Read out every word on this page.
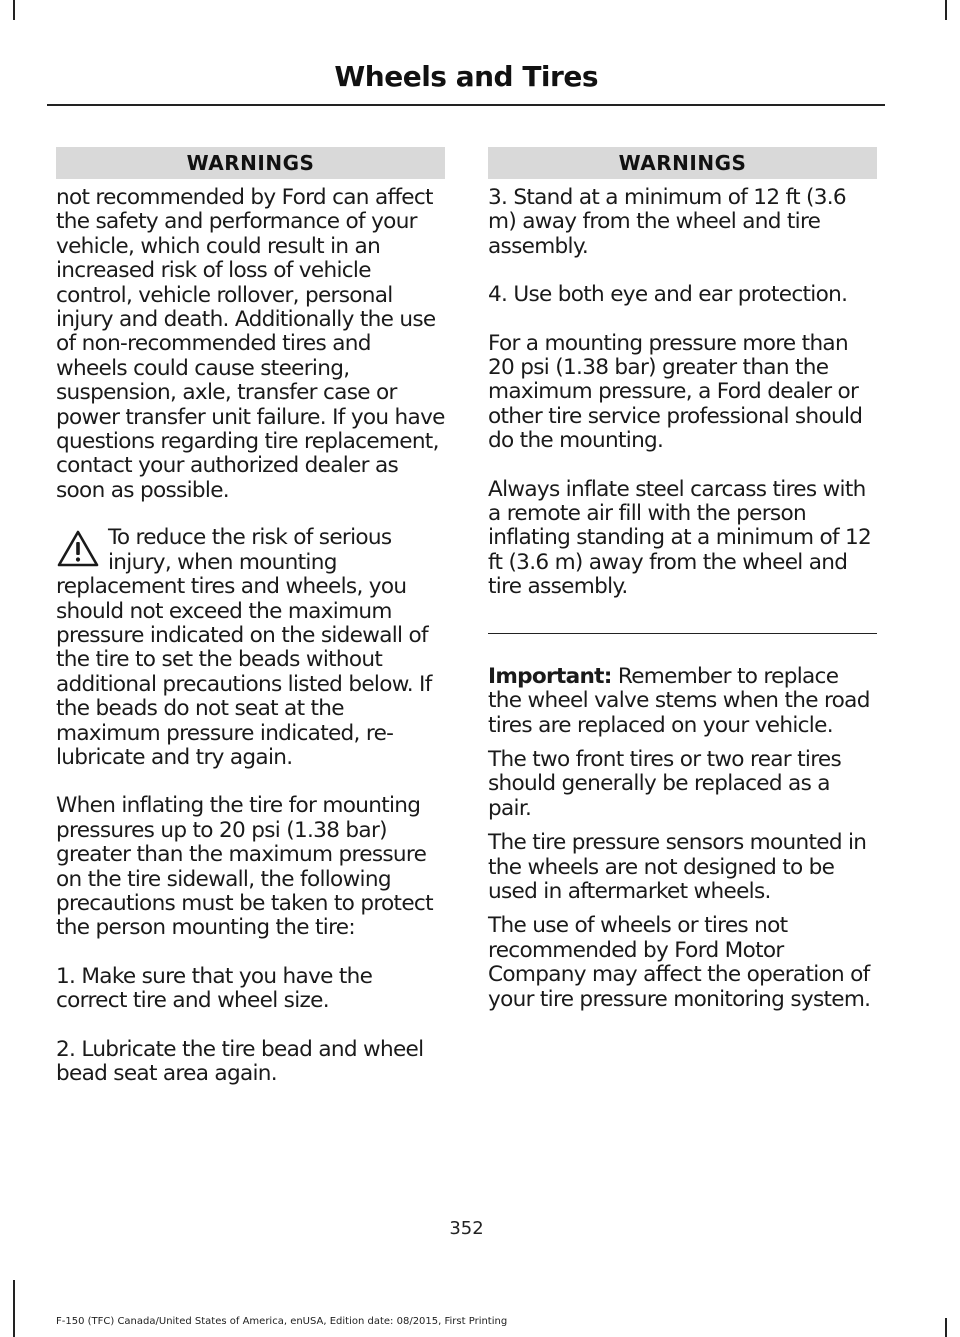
Wheels and Tires
WARNINGS

not recommended by Ford can affect the safety and performance of your vehicle, which could result in an increased risk of loss of vehicle control, vehicle rollover, personal injury and death. Additionally the use of non-recommended tires and wheels could cause steering, suspension, axle, transfer case or power transfer unit failure. If you have questions regarding tire replacement, contact your authorized dealer as soon as possible.

To reduce the risk of serious injury, when mounting replacement tires and wheels, you should not exceed the maximum pressure indicated on the sidewall of the tire to set the beads without additional precautions listed below. If the beads do not seat at the maximum pressure indicated, re-lubricate and try again.

When inflating the tire for mounting pressures up to 20 psi (1.38 bar) greater than the maximum pressure on the tire sidewall, the following precautions must be taken to protect the person mounting the tire:

1. Make sure that you have the correct tire and wheel size.

2. Lubricate the tire bead and wheel bead seat area again.

WARNINGS

3. Stand at a minimum of 12 ft (3.6 m) away from the wheel and tire assembly.

4. Use both eye and ear protection.

For a mounting pressure more than 20 psi (1.38 bar) greater than the maximum pressure, a Ford dealer or other tire service professional should do the mounting.

Always inflate steel carcass tires with a remote air fill with the person inflating standing at a minimum of 12 ft (3.6 m) away from the wheel and tire assembly.

Important: Remember to replace the wheel valve stems when the road tires are replaced on your vehicle.

The two front tires or two rear tires should generally be replaced as a pair.

The tire pressure sensors mounted in the wheels are not designed to be used in aftermarket wheels.

The use of wheels or tires not recommended by Ford Motor Company may affect the operation of your tire pressure monitoring system.

352
F-150 (TFC) Canada/United States of America, enUSA, Edition date: 08/2015, First Printing
